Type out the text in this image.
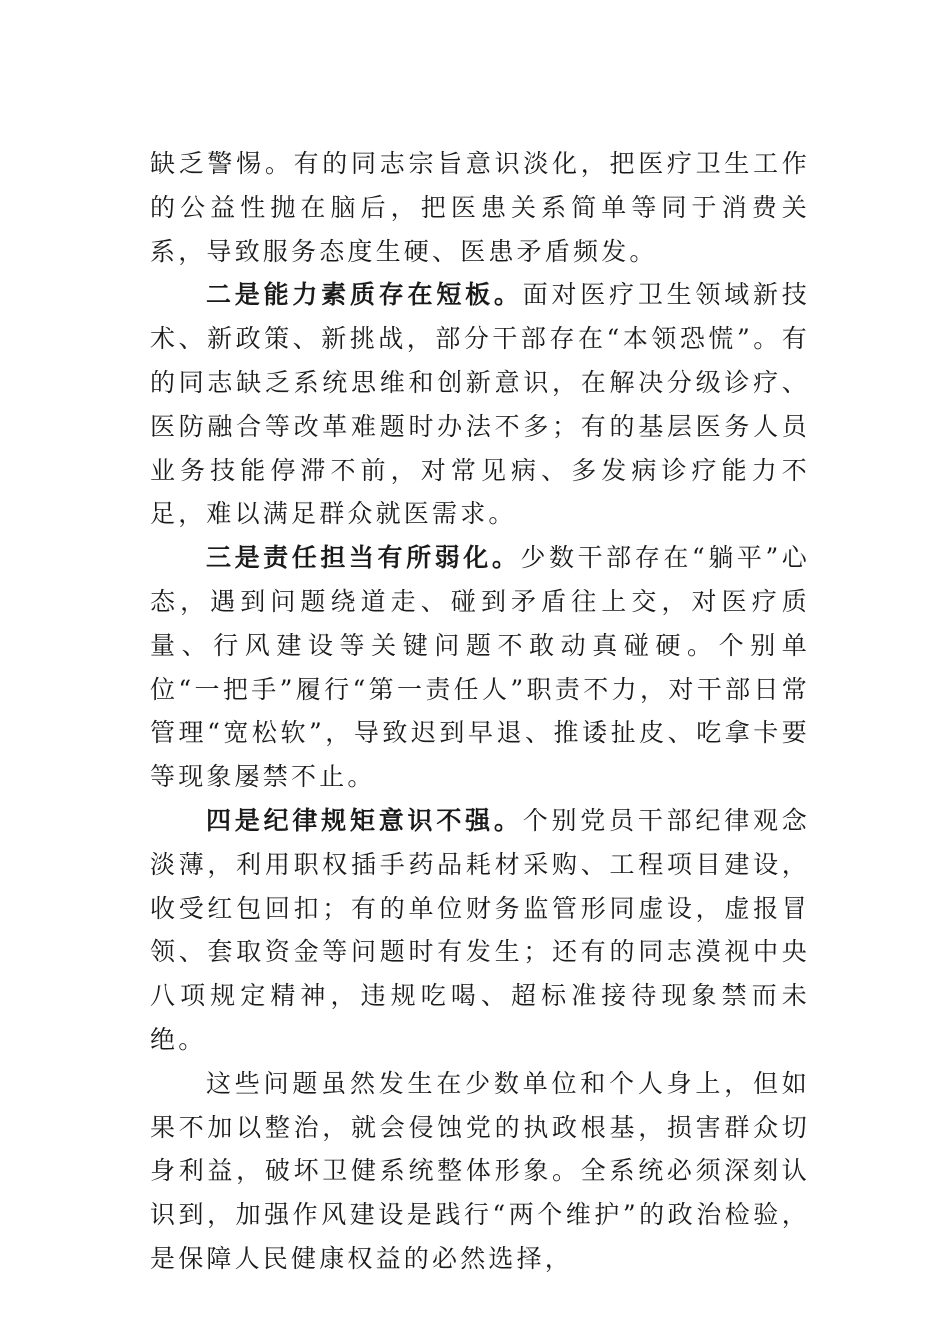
缺乏警惕。有的同志宗旨意识淡化，把医疗卫生工作的公益性抛在脑后，把医患关系简单等同于消费关系，导致服务态度生硬、医患矛盾频发。

二是能力素质存在短板。面对医疗卫生领域新技术、新政策、新挑战，部分干部存在“本领恐慌”。有的同志缺乏系统思维和创新意识，在解决分级诊疗、医防融合等改革难题时办法不多；有的基层医务人员业务技能停滞不前，对常见病、多发病诊疗能力不足，难以满足群众就医需求。

三是责任担当有所弱化。少数干部存在“躺平”心态，遇到问题绕道走、碰到矛盾往上交，对医疗质量、行风建设等关键问题不敢动真碰硬。个别单位“一把手”履行“第一责任人”职责不力，对干部日常管理“宽松软”，导致迟到早退、推诿扯皮、吃拿卡要等现象屡禁不止。

四是纪律规矩意识不强。个别党员干部纪律观念淡薄，利用职权插手药品耗材采购、工程项目建设，收受红包回扣；有的单位财务监管形同虚设，虚报冒领、套取资金等问题时有发生；还有的同志漠视中央八项规定精神，违规吃喝、超标准接待现象禁而未绝。

这些问题虽然发生在少数单位和个人身上，但如果不加以整治，就会侵蚀党的执政根基，损害群众切身利益，破坏卫健系统整体形象。全系统必须深刻认识到，加强作风建设是践行“两个维护”的政治检验，是保障人民健康权益的必然选择，
